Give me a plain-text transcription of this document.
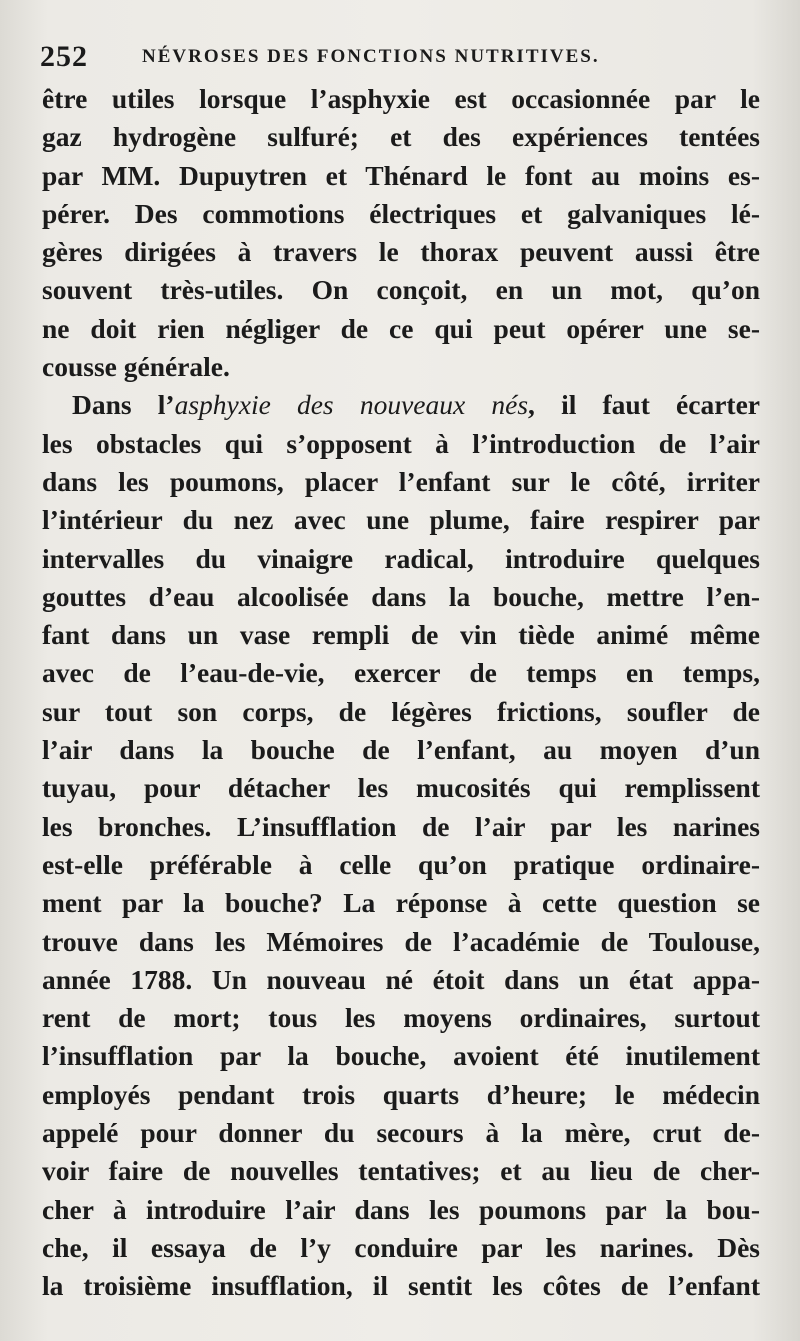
252	NÉVROSES DES FONCTIONS NUTRITIVES.
être utiles lorsque l’asphyxie est occasionnée par le
gaz hydrogène sulfuré; et des expériences tentées
par MM. Dupuytren et Thénard le font au moins es-
pérer. Des commotions électriques et galvaniques lé-
gères dirigées à travers le thorax peuvent aussi être
souvent très-utiles. On conçoit, en un mot, qu’on
ne doit rien négliger de ce qui peut opérer une se-
cousse générale.
Dans l’asphyxie des nouveaux nés, il faut écarter
les obstacles qui s’opposent à l’introduction de l’air
dans les poumons, placer l’enfant sur le côté, irriter
l’intérieur du nez avec une plume, faire respirer par
intervalles du vinaigre radical, introduire quelques
gouttes d’eau alcoolisée dans la bouche, mettre l’en-
fant dans un vase rempli de vin tiède animé même
avec de l’eau-de-vie, exercer de temps en temps,
sur tout son corps, de légères frictions, soufler de
l’air dans la bouche de l’enfant, au moyen d’un
tuyau, pour détacher les mucosités qui remplissent
les bronches. L’insufflation de l’air par les narines
est-elle préférable à celle qu’on pratique ordinaire-
ment par la bouche? La réponse à cette question se
trouve dans les Mémoires de l’académie de Toulouse,
année 1788. Un nouveau né étoit dans un état appa-
rent de mort; tous les moyens ordinaires, surtout
l’insufflation par la bouche, avoient été inutilement
employés pendant trois quarts d’heure; le médecin
appelé pour donner du secours à la mère, crut de-
voir faire de nouvelles tentatives; et au lieu de cher-
cher à introduire l’air dans les poumons par la bou-
che, il essaya de l’y conduire par les narines. Dès
la troisième insufflation, il sentit les côtes de l’enfant
